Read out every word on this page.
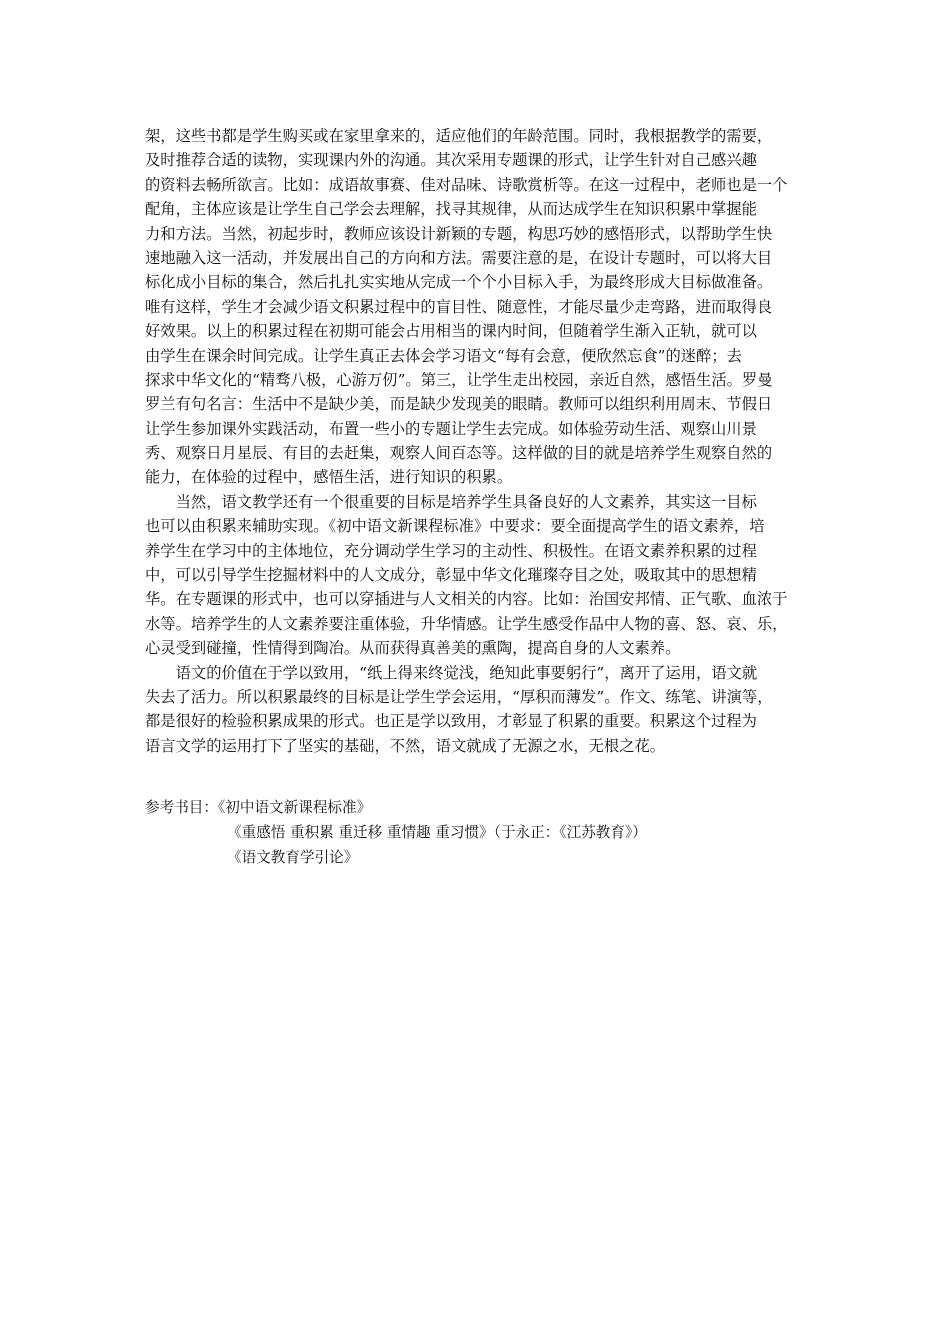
架，这些书都是学生购买或在家里拿来的，适应他们的年龄范围。同时，我根据教学的需要，
及时推荐合适的读物，实现课内外的沟通。其次采用专题课的形式，让学生针对自己感兴趣
的资料去畅所欲言。比如：成语故事赛、佳对品味、诗歌赏析等。在这一过程中，老师也是一个
配角，主体应该是让学生自己学会去理解，找寻其规律，从而达成学生在知识积累中掌握能
力和方法。当然，初起步时，教师应该设计新颖的专题，构思巧妙的感悟形式，以帮助学生快
速地融入这一活动，并发展出自己的方向和方法。需要注意的是，在设计专题时，可以将大目
标化成小目标的集合，然后扎扎实实地从完成一个个小目标入手，为最终形成大目标做准备。
唯有这样，学生才会减少语文积累过程中的盲目性、随意性，才能尽量少走弯路，进而取得良
好效果。以上的积累过程在初期可能会占用相当的课内时间，但随着学生渐入正轨，就可以
由学生在课余时间完成。让学生真正去体会学习语文“每有会意，便欣然忘食”的迷醉；去
探求中华文化的“精骛八极，心游万仞”。第三，让学生走出校园，亲近自然，感悟生活。罗曼
罗兰有句名言：生活中不是缺少美，而是缺少发现美的眼睛。教师可以组织利用周末、节假日
让学生参加课外实践活动，布置一些小的专题让学生去完成。如体验劳动生活、观察山川景
秀、观察日月星辰、有目的去赶集，观察人间百态等。这样做的目的就是培养学生观察自然的
能力，在体验的过程中，感悟生活，进行知识的积累。
　　当然，语文教学还有一个很重要的目标是培养学生具备良好的人文素养，其实这一目标
也可以由积累来辅助实现。《初中语文新课程标准》中要求：要全面提高学生的语文素养，培
养学生在学习中的主体地位，充分调动学生学习的主动性、积极性。在语文素养积累的过程
中，可以引导学生挖掘材料中的人文成分，彰显中华文化璀璨夺目之处，吸取其中的思想精
华。在专题课的形式中，也可以穿插进与人文相关的内容。比如：治国安邦情、正气歌、血浓于
水等。培养学生的人文素养要注重体验，升华情感。让学生感受作品中人物的喜、怒、哀、乐，
心灵受到碰撞，性情得到陶冶。从而获得真善美的熏陶，提高自身的人文素养。
　　语文的价值在于学以致用，“纸上得来终觉浅，绝知此事要躬行”，离开了运用，语文就
失去了活力。所以积累最终的目标是让学生学会运用，“厚积而薄发”。作文、练笔、讲演等，
都是很好的检验积累成果的形式。也正是学以致用，才彰显了积累的重要。积累这个过程为
语言文学的运用打下了坚实的基础，不然，语文就成了无源之水，无根之花。
参考书目：《初中语文新课程标准》
《重感悟 重积累 重迁移 重情趣 重习惯》（于永正：《江苏教育》）
《语文教育学引论》
